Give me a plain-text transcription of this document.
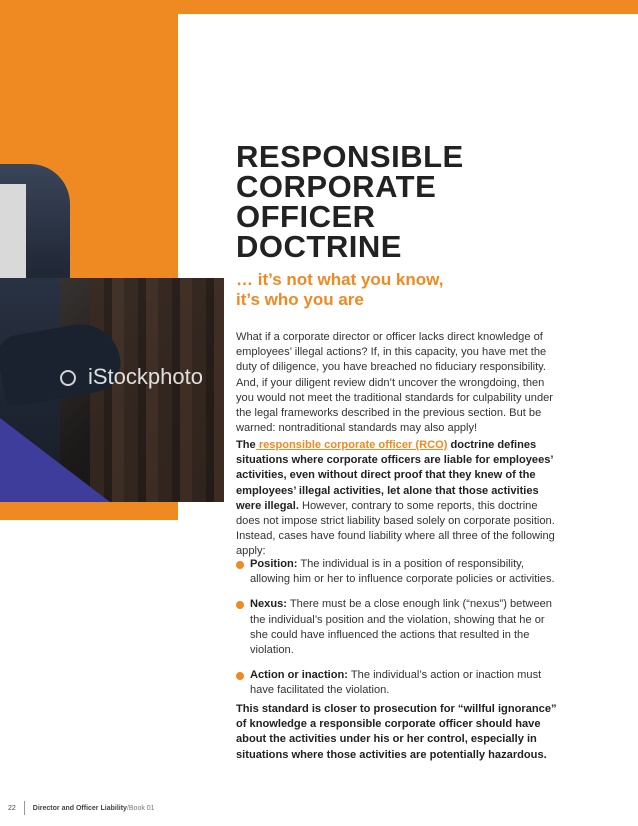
iStockphoto
RESPONSIBLE CORPORATE OFFICER DOCTRINE
… it’s not what you know,
it’s who you are

What if a corporate director or officer lacks direct knowledge of employees’ illegal actions? If, in this capacity, you have met the duty of diligence, you have breached no fiduciary responsibility. And, if your diligent review didn’t uncover the wrongdoing, then you would not meet the traditional standards for culpability under the legal frameworks described in the previous section. But be warned: nontraditional standards may also apply!

The responsible corporate officer (RCO) doctrine defines situations where corporate officers are liable for employees’ activities, even without direct proof that they knew of the employees’ illegal activities, let alone that those activities were illegal. However, contrary to some reports, this doctrine does not impose strict liability based solely on corporate position. Instead, cases have found liability where all three of the following apply:

Position: The individual is in a position of responsibility, allowing him or her to influence corporate policies or activities.
Nexus: There must be a close enough link (“nexus”) between the individual’s position and the violation, showing that he or she could have influenced the actions that resulted in the violation.
Action or inaction: The individual’s action or inaction must have facilitated the violation.

This standard is closer to prosecution for “willful ignorance” of knowledge a responsible corporate officer should have about the activities under his or her control, especially in situations where those activities are potentially hazardous.

22	Director and Officer Liability / Book 01
